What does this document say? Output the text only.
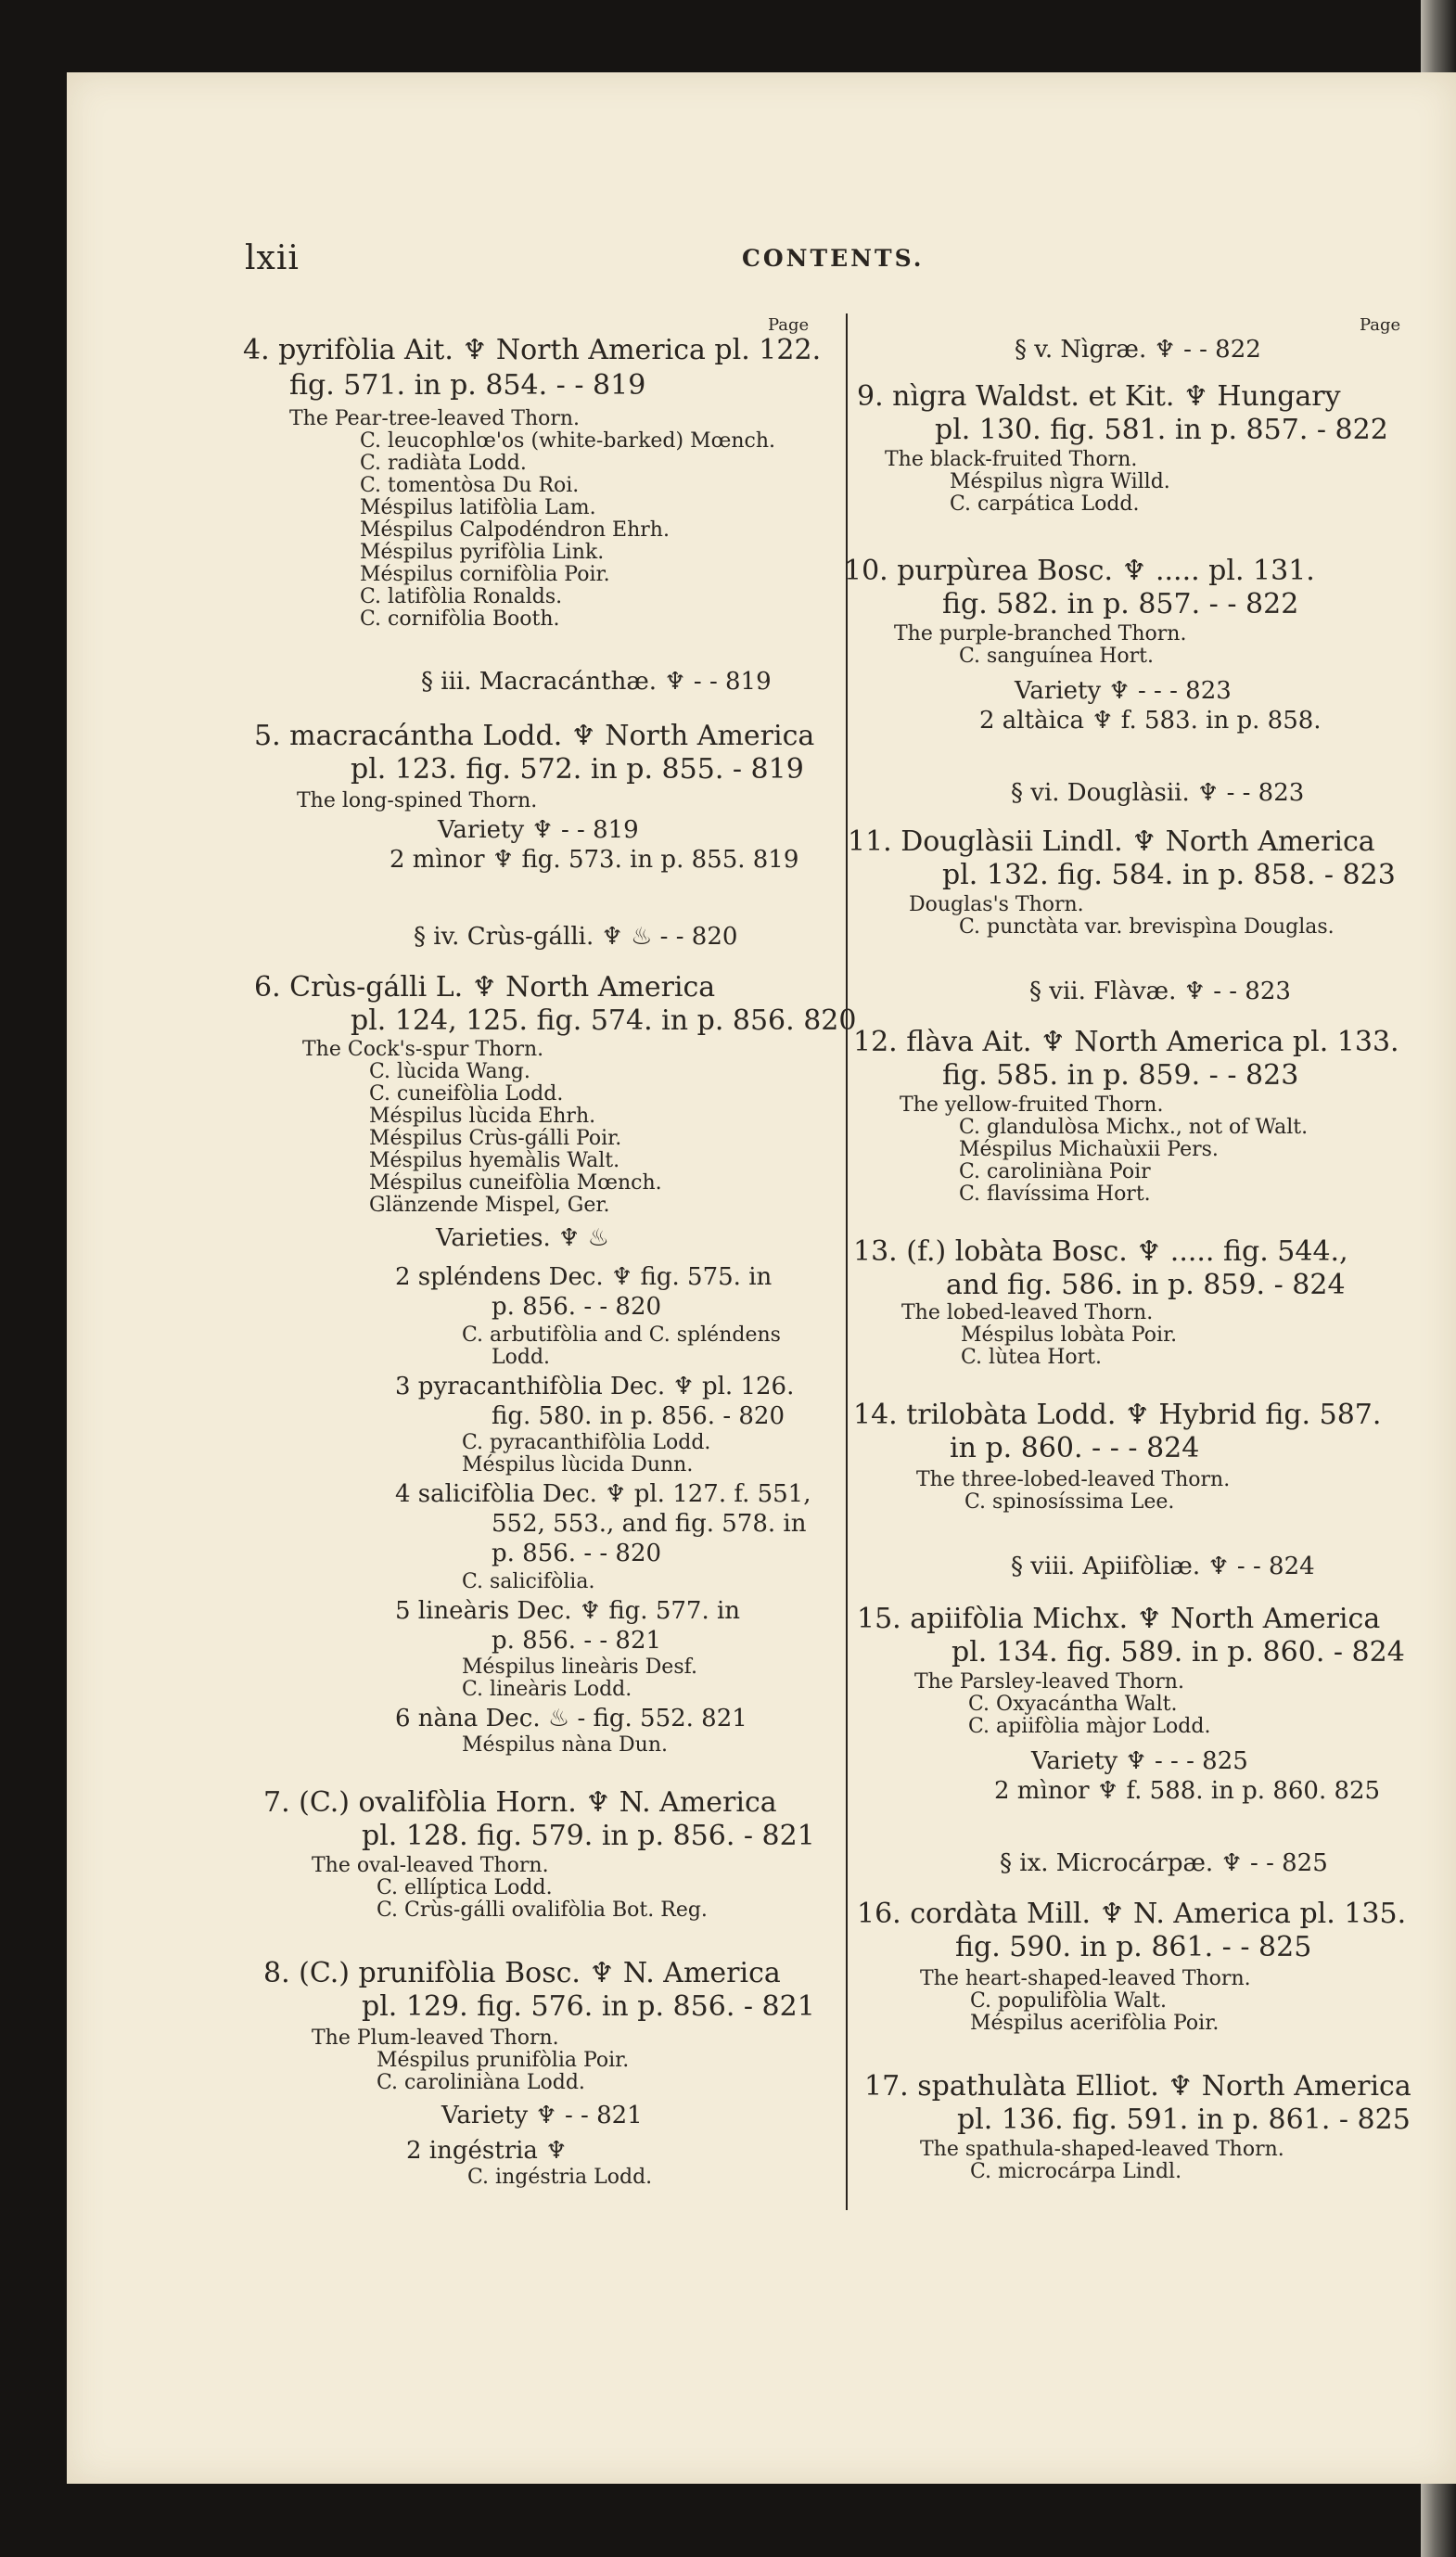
lxii	CONTENTS.
Page	Page
4. pyrifòlia Ait. ♆ North America pl. 122.
fig. 571. in p. 854. - - 819
The Pear-tree-leaved Thorn.
C. leucophlœ'os (white-barked) Mœnch.
C. radiàta Lodd.
C. tomentòsa Du Roi.
Méspilus latifòlia Lam.
Méspilus Calpodéndron Ehrh.
Méspilus pyrifòlia Link.
Méspilus cornifòlia Poir.
C. latifòlia Ronalds.
C. cornifòlia Booth.
§ iii. Macracánthæ. ♆ - - 819
5. macracántha Lodd. ♆ North America
pl. 123. fig. 572. in p. 855. - 819
The long-spined Thorn.
Variety ♆ - - 819
2 mìnor ♆ fig. 573. in p. 855. 819
§ iv. Crùs-gálli. ♆ ♨ - - 820
6. Crùs-gálli L. ♆ North America
pl. 124, 125. fig. 574. in p. 856. 820
The Cock's-spur Thorn.
C. lùcida Wang.
C. cuneifòlia Lodd.
Méspilus lùcida Ehrh.
Méspilus Crùs-gálli Poir.
Méspilus hyemàlis Walt.
Méspilus cuneifòlia Mœnch.
Glänzende Mispel, Ger.
Varieties. ♆ ♨
2 spléndens Dec. ♆ fig. 575. in
p. 856. - - 820
C. arbutifòlia and C. spléndens
Lodd.
3 pyracanthifòlia Dec. ♆ pl. 126.
fig. 580. in p. 856. - 820
C. pyracanthifòlia Lodd.
Méspilus lùcida Dunn.
4 salicifòlia Dec. ♆ pl. 127. f. 551,
552, 553., and fig. 578. in
p. 856. - - 820
C. salicifòlia.
5 lineàris Dec. ♆ fig. 577. in
p. 856. - - 821
Méspilus lineàris Desf.
C. lineàris Lodd.
6 nàna Dec. ♨ - fig. 552. 821
Méspilus nàna Dun.
7. (C.) ovalifòlia Horn. ♆ N. America
pl. 128. fig. 579. in p. 856. - 821
The oval-leaved Thorn.
C. ellíptica Lodd.
C. Crùs-gálli ovalifòlia Bot. Reg.
8. (C.) prunifòlia Bosc. ♆ N. America
pl. 129. fig. 576. in p. 856. - 821
The Plum-leaved Thorn.
Méspilus prunifòlia Poir.
C. caroliniàna Lodd.
Variety ♆ - - 821
2 ingéstria ♆
C. ingéstria Lodd.
§ v. Nìgræ. ♆ - - 822
9. nìgra Waldst. et Kit. ♆ Hungary
pl. 130. fig. 581. in p. 857. - 822
The black-fruited Thorn.
Méspilus nìgra Willd.
C. carpática Lodd.
10. purpùrea Bosc. ♆ ..... pl. 131.
fig. 582. in p. 857. - - 822
The purple-branched Thorn.
C. sanguínea Hort.
Variety ♆ - - - 823
2 altàica ♆ f. 583. in p. 858.
§ vi. Douglàsii. ♆ - - 823
11. Douglàsii Lindl. ♆ North America
pl. 132. fig. 584. in p. 858. - 823
Douglas's Thorn.
C. punctàta var. brevispìna Douglas.
§ vii. Flàvæ. ♆ - - 823
12. flàva Ait. ♆ North America pl. 133.
fig. 585. in p. 859. - - 823
The yellow-fruited Thorn.
C. glandulòsa Michx., not of Walt.
Méspilus Michaùxii Pers.
C. caroliniàna Poir
C. flavíssima Hort.
13. (f.) lobàta Bosc. ♆ ..... fig. 544.,
and fig. 586. in p. 859. - 824
The lobed-leaved Thorn.
Méspilus lobàta Poir.
C. lùtea Hort.
14. trilobàta Lodd. ♆ Hybrid fig. 587.
in p. 860. - - - 824
The three-lobed-leaved Thorn.
C. spinosíssima Lee.
§ viii. Apiifòliæ. ♆ - - 824
15. apiifòlia Michx. ♆ North America
pl. 134. fig. 589. in p. 860. - 824
The Parsley-leaved Thorn.
C. Oxyacántha Walt.
C. apiifòlia màjor Lodd.
Variety ♆ - - - 825
2 mìnor ♆ f. 588. in p. 860. 825
§ ix. Microcárpæ. ♆ - - 825
16. cordàta Mill. ♆ N. America pl. 135.
fig. 590. in p. 861. - - 825
The heart-shaped-leaved Thorn.
C. populifòlia Walt.
Méspilus acerifòlia Poir.
17. spathulàta Elliot. ♆ North America
pl. 136. fig. 591. in p. 861. - 825
The spathula-shaped-leaved Thorn.
C. microcárpa Lindl.
